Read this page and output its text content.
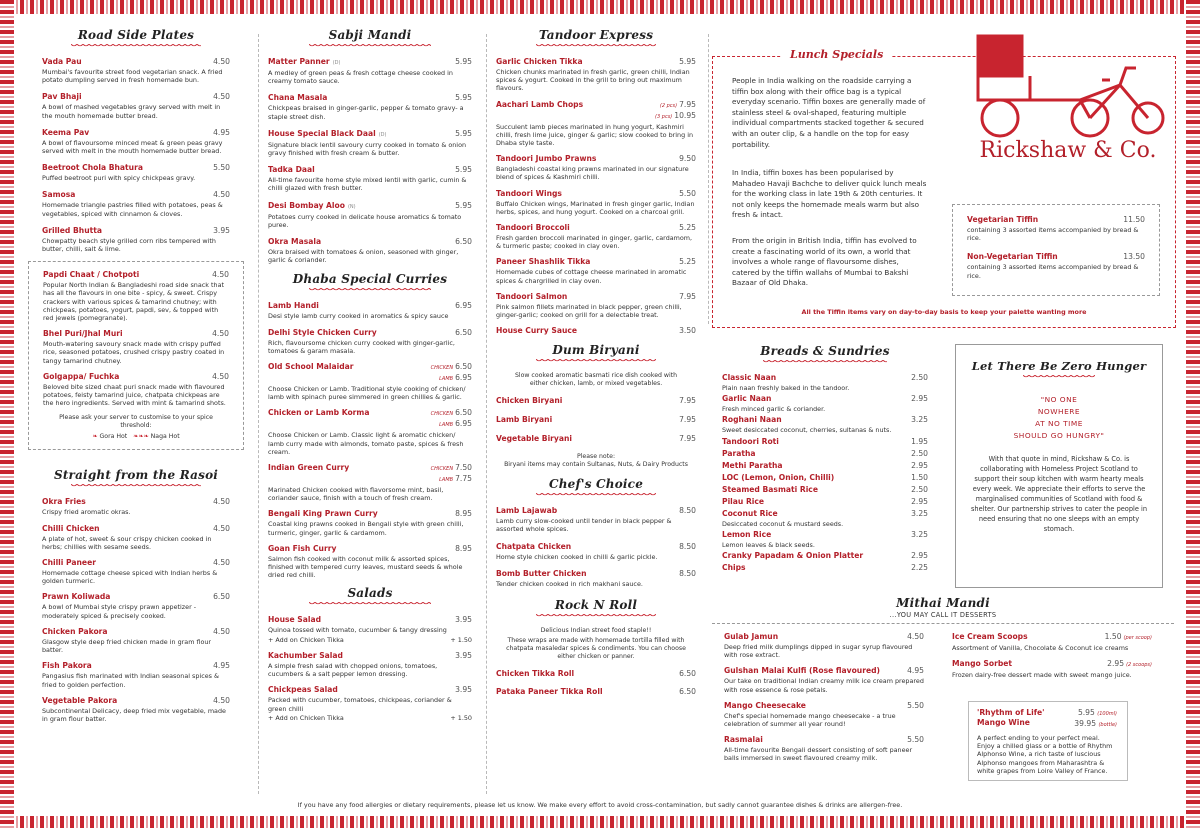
Road Side Plates
Vada Pau	4.50
Mumbai's favourite street food vegetarian snack. A fried potato dumpling served in fresh homemade bun.
Pav Bhaji	4.50
A bowl of mashed vegetables gravy served with melt in the mouth homemade butter bread.
Keema Pav	4.95
A bowl of flavoursome minced meat & green peas gravy served with melt in the mouth homemade butter bread.
Beetroot Chola Bhatura	5.50
Puffed beetroot puri with spicy chickpeas gravy.
Samosa	4.50
Homemade triangle pastries filled with potatoes, peas & vegetables, spiced with cinnamon & cloves.
Grilled Bhutta	3.95
Chowpatty beach style grilled corn ribs tempered with butter, chilli, salt & lime.
Papdi Chaat / Chotpoti	4.50
Popular North Indian & Bangladeshi road side snack that has all the flavours in one bite - spicy, & sweet. Crispy crackers with various spices & tamarind chutney; with chickpeas, potatoes, yogurt, papdi, sev, & topped with red jewels (pomegranate).
Bhel Puri/Jhal Muri	4.50
Mouth-watering savoury snack made with crispy puffed rice, seasoned potatoes, crushed crispy pastry coated in tangy tamarind chutney.
Golgappa/ Fuchka	4.50
Beloved bite sized chaat puri snack made with flavoured potatoes, feisty tamarind juice, chatpata chickpeas are the hero ingredients. Served with mint & tamarind shots.
Please ask your server to customise to your spice threshold:
❧ Gora Hot ❧❧❧ Naga Hot
Straight from the Rasoi
Okra Fries	4.50
Crispy fried aromatic okras.
Chilli Chicken	4.50
A plate of hot, sweet & sour crispy chicken cooked in herbs; chillies with sesame seeds.
Chilli Paneer	4.50
Homemade cottage cheese spiced with Indian herbs & golden turmeric.
Prawn Koliwada	6.50
A bowl of Mumbai style crispy prawn appetizer - moderately spiced & precisely cooked.
Chicken Pakora	4.50
Glasgow style deep fried chicken made in gram flour batter.
Fish Pakora	4.95
Pangasius fish marinated with Indian seasonal spices & fried to golden perfection.
Vegetable Pakora	4.50
Subcontinental Delicacy, deep fried mix vegetable, made in gram flour batter.
Sabji Mandi
Matter Panner (D)	5.95
A medley of green peas & fresh cottage cheese cooked in creamy tomato sauce.
Chana Masala	5.95
Chickpeas braised in ginger-garlic, pepper & tomato gravy- a staple street dish.
House Special Black Daal (D)	5.95
Signature black lentil savoury curry cooked in tomato & onion gravy finished with fresh cream & butter.
Tadka Daal	5.95
All-time favourite home style mixed lentil with garlic, cumin & chilli glazed with fresh butter.
Desi Bombay Aloo (N)	5.95
Potatoes curry cooked in delicate house aromatics & tomato puree.
Okra Masala	6.50
Okra braised with tomatoes & onion, seasoned with ginger, garlic & coriander.
Dhaba Special Curries
Lamb Handi	6.95
Desi style lamb curry cooked in aromatics & spicy sauce
Delhi Style Chicken Curry	6.50
Rich, flavoursome chicken curry cooked with ginger-garlic, tomatoes & garam masala.
Old School Malaidar	CHICKEN 6.50
LAMB 6.95
Choose Chicken or Lamb. Traditional style cooking of chicken/ lamb with spinach puree simmered in green chillies & garlic.
Chicken or Lamb Korma	CHICKEN 6.50
LAMB 6.95
Choose Chicken or Lamb. Classic light & aromatic chicken/ lamb curry made with almonds, tomato paste, spices & fresh cream.
Indian Green Curry	CHICKEN 7.50
LAMB 7.75
Marinated Chicken cooked with flavorsome mint, basil, coriander sauce, finish with a touch of fresh cream.
Bengali King Prawn Curry	8.95
Coastal king prawns cooked in Bengali style with green chilli, turmeric, ginger, garlic & cardamom.
Goan Fish Curry	8.95
Salmon fish cooked with coconut milk & assorted spices, finished with tempered curry leaves, mustard seeds & whole dried red chilli.
Salads
House Salad	3.95
Quinoa tossed with tomato, cucumber & tangy dressing
+ Add on Chicken Tikka	+ 1.50
Kachumber Salad	3.95
A simple fresh salad with chopped onions, tomatoes, cucumbers & a salt pepper lemon dressing.
Chickpeas Salad	3.95
Packed with cucumber, tomatoes, chickpeas, coriander & green chilli
+ Add on Chicken Tikka	+ 1.50
Tandoor Express
Garlic Chicken Tikka	5.95
Chicken chunks marinated in fresh garlic, green chilli, Indian spices & yogurt. Cooked in the grill to bring out maximum flavours.
Aachari Lamb Chops	(2 pcs) 7.95
(3 pcs) 10.95
Succulent lamb pieces marinated in hung yogurt, Kashmiri chilli, fresh lime juice, ginger & garlic; slow cooked to bring in Dhaba style taste.
Tandoori Jumbo Prawns	9.50
Bangladeshi coastal king prawns marinated in our signature blend of spices & Kashmiri chilli.
Tandoori Wings	5.50
Buffalo Chicken wings, Marinated in fresh ginger garlic, Indian herbs, spices, and hung yogurt. Cooked on a charcoal grill.
Tandoori Broccoli	5.25
Fresh garden broccoli marinated in ginger, garlic, cardamom, & turmeric paste; cooked in clay oven.
Paneer Shashlik Tikka	5.25
Homemade cubes of cottage cheese marinated in aromatic spices & chargrilled in clay oven.
Tandoori Salmon	7.95
Pink salmon fillets marinated in black pepper, green chilli, ginger-garlic; cooked on grill for a delectable treat.
House Curry Sauce	3.50
Dum Biryani
Slow cooked aromatic basmati rice dish cooked with either chicken, lamb, or mixed vegetables.
Chicken Biryani	7.95
Lamb Biryani	7.95
Vegetable Biryani	7.95
Please note:
Biryani items may contain Sultanas, Nuts, & Dairy Products
Chef's Choice
Lamb Lajawab	8.50
Lamb curry slow-cooked until tender in black pepper & assorted whole spices.
Chatpata Chicken	8.50
Home style chicken cooked in chilli & garlic pickle.
Bomb Butter Chicken	8.50
Tender chicken cooked in rich makhani sauce.
Rock N Roll
Delicious Indian street food staple!!
These wraps are made with homemade tortilla filled with chatpata masaledar spices & condiments. You can choose either chicken or panner.
Chicken Tikka Roll	6.50
Pataka Paneer Tikka Roll	6.50
Lunch Specials
People in India walking on the roadside carrying a tiffin box along with their office bag is a typical everyday scenario. Tiffin boxes are generally made of stainless steel & oval-shaped, featuring multiple individual compartments stacked together & secured with an outer clip, & a handle on the top for easy portability.
In India, tiffin boxes has been popularised by Mahadeo Havaji Bachche to deliver quick lunch meals for the working class in late 19th & 20th centuries. It not only keeps the homemade meals warm but also fresh & intact.
From the origin in British India, tiffin has evolved to create a fascinating world of its own, a world that involves a whole range of flavoursome dishes, catered by the tiffin wallahs of Mumbai to Bakshi Bazaar of Old Dhaka.
Rickshaw & Co.
Vegetarian Tiffin	11.50
containing 3 assorted items accompanied by bread & rice.
Non-Vegetarian Tiffin	13.50
containing 3 assorted items accompanied by bread & rice.
All the Tiffin items vary on day-to-day basis to keep your palette wanting more
Breads & Sundries
Classic Naan	2.50
Plain naan freshly baked in the tandoor.
Garlic Naan	2.95
Fresh minced garlic & coriander.
Roghani Naan	3.25
Sweet desiccated coconut, cherries, sultanas & nuts.
Tandoori Roti	1.95
Paratha	2.50
Methi Paratha	2.95
LOC (Lemon, Onion, Chilli)	1.50
Steamed Basmati Rice	2.50
Pilau Rice	2.95
Coconut Rice	3.25
Desiccated coconut & mustard seeds.
Lemon Rice	3.25
Lemon leaves & black seeds.
Cranky Papadam & Onion Platter	2.95
Chips	2.25
Let There Be Zero Hunger
"NO ONE
NOWHERE
AT NO TIME
SHOULD GO HUNGRY"
With that quote in mind, Rickshaw & Co. is collaborating with Homeless Project Scotland to support their soup kitchen with warm hearty meals every week. We appreciate their efforts to serve the marginalised communities of Scotland with food & shelter. Our partnership strives to cater the people in need ensuring that no one sleeps with an empty stomach.
Mithai Mandi
...YOU MAY CALL IT DESSERTS
Gulab Jamun	4.50
Deep fried milk dumplings dipped in sugar syrup flavoured with rose extract.
Gulshan Malai Kulfi (Rose flavoured)	4.95
Our take on traditional Indian creamy milk ice cream prepared with rose essence & rose petals.
Mango Cheesecake	5.50
Chef's special homemade mango cheesecake - a true celebration of summer all year round!
Rasmalai	5.50
All-time favourite Bengali dessert consisting of soft paneer balls immersed in sweet flavoured creamy milk.
Ice Cream Scoops	1.50 (per scoop)
Assortment of Vanilla, Chocolate & Coconut ice creams
Mango Sorbet	2.95 (2 scoops)
Frozen dairy-free dessert made with sweet mango juice.
'Rhythm of Life' Mango Wine
5.95 (100ml)
39.95 (bottle)
A perfect ending to your perfect meal. Enjoy a chilled glass or a bottle of Rhythm Alphonso Wine, a rich taste of luscious Alphonso mangoes from Maharashtra & white grapes from Loire Valley of France.
If you have any food allergies or dietary requirements, please let us know. We make every effort to avoid cross-contamination, but sadly cannot guarantee dishes & drinks are allergen-free.
